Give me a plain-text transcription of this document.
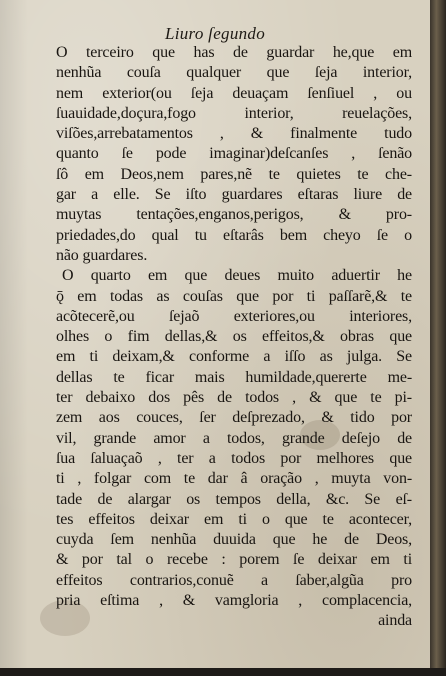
Liuro ſegundo
O terceiro que has de guardar he,que em
nenhũa couſa qualquer que ſeja interior,
nem exterior(ou ſeja deuaçam ſenſiuel , ou
ſuauidade,doçura,fogo interior, reuelações,
viſões,arrebatamentos , & finalmente tudo
quanto ſe pode imaginar)deſcanſes , ſenão
ſô em Deos,nem pares,nẽ te quietes te che-
gar a elle. Se iſto guardares eſtaras liure de
muytas tentações,enganos,perigos, & pro-
priedades,do qual tu eſtarâs bem cheyo ſe o
não guardares.
O quarto em que deues muito aduertir he
ǭ em todas as couſas que por ti paſſarẽ,& te
acõtecerẽ,ou ſejaõ exteriores,ou interiores,
olhes o fim dellas,& os effeitos,& obras que
em ti deixam,& conforme a iſſo as julga. Se
dellas te ficar mais humildade,quererte me-
ter debaixo dos pês de todos , & que te pi-
zem aos couces, ſer deſprezado, & tido por
vil, grande amor a todos, grande deſejo de
ſua ſaluaçaõ , ter a todos por melhores que
ti , folgar com te dar â oração , muyta von-
tade de alargar os tempos della, &c. Se eſ-
tes effeitos deixar em ti o que te acontecer,
cuyda ſem nenhũa duuida que he de Deos,
& por tal o recebe : porem ſe deixar em ti
effeitos contrarios,conuẽ a ſaber,algũa pro
pria eſtima , & vamgloria , complacencia,
ainda
